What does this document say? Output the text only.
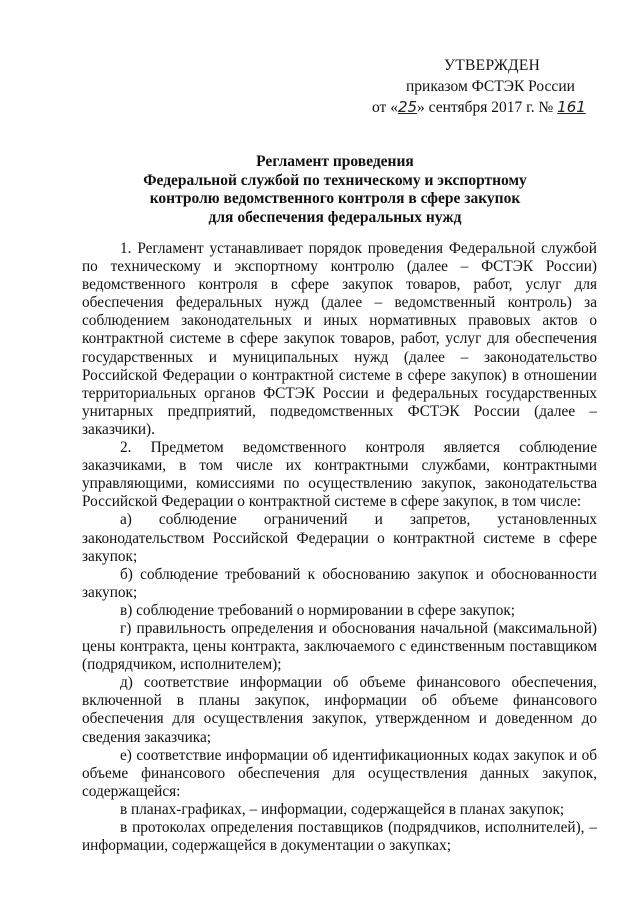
УТВЕРЖДЕН
приказом ФСТЭК России
от «25» сентября 2017 г. № 161
Регламент проведения
Федеральной службой по техническому и экспортному
контролю ведомственного контроля в сфере закупок
для обеспечения федеральных нужд

1. Регламент устанавливает порядок проведения Федеральной службой по техническому и экспортному контролю (далее – ФСТЭК России) ведомственного контроля в сфере закупок товаров, работ, услуг для обеспечения федеральных нужд (далее – ведомственный контроль) за соблюдением законодательных и иных нормативных правовых актов о контрактной системе в сфере закупок товаров, работ, услуг для обеспечения государственных и муниципальных нужд (далее – законодательство Российской Федерации о контрактной системе в сфере закупок) в отношении территориальных органов ФСТЭК России и федеральных государственных унитарных предприятий, подведомственных ФСТЭК России (далее – заказчики).

2. Предметом ведомственного контроля является соблюдение заказчиками, в том числе их контрактными службами, контрактными управляющими, комиссиями по осуществлению закупок, законодательства Российской Федерации о контрактной системе в сфере закупок, в том числе:

а) соблюдение ограничений и запретов, установленных законодательством Российской Федерации о контрактной системе в сфере закупок;

б) соблюдение требований к обоснованию закупок и обоснованности закупок;

в) соблюдение требований о нормировании в сфере закупок;

г) правильность определения и обоснования начальной (максимальной) цены контракта, цены контракта, заключаемого с единственным поставщиком (подрядчиком, исполнителем);

д) соответствие информации об объеме финансового обеспечения, включенной в планы закупок, информации об объеме финансового обеспечения для осуществления закупок, утвержденном и доведенном до сведения заказчика;

е) соответствие информации об идентификационных кодах закупок и об объеме финансового обеспечения для осуществления данных закупок, содержащейся:

в планах-графиках, – информации, содержащейся в планах закупок;

в протоколах определения поставщиков (подрядчиков, исполнителей), – информации, содержащейся в документации о закупках;
